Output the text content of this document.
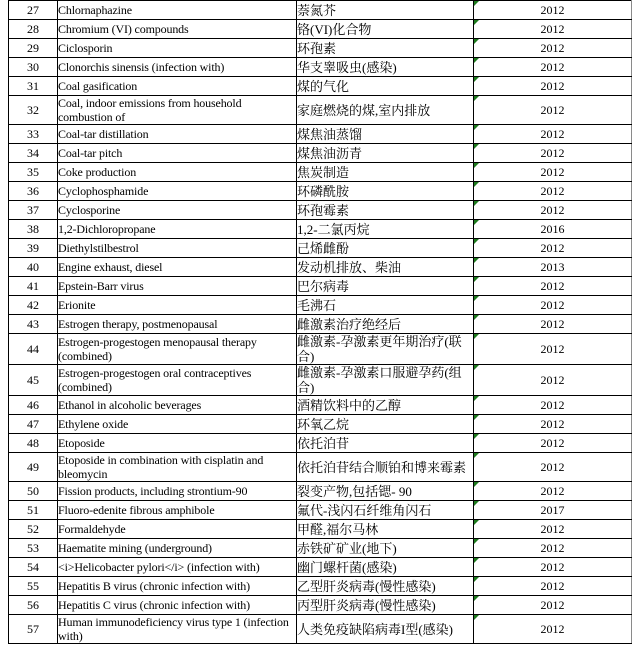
27	Chlornaphazine	萘氮芥	2012
28	Chromium (VI) compounds	铬(VI)化合物	2012
29	Ciclosporin	环孢素	2012
30	Clonorchis sinensis (infection with)	华支睾吸虫(感染)	2012
31	Coal gasification	煤的气化	2012
32	Coal, indoor emissions from household combustion of	家庭燃烧的煤,室内排放	2012
33	Coal-tar distillation	煤焦油蒸馏	2012
34	Coal-tar pitch	煤焦油沥青	2012
35	Coke production	焦炭制造	2012
36	Cyclophosphamide	环磷酰胺	2012
37	Cyclosporine	环孢霉素	2012
38	1,2-Dichloropropane	1,2-二氯丙烷	2016
39	Diethylstilbestrol	己烯雌酚	2012
40	Engine exhaust, diesel	发动机排放、柴油	2013
41	Epstein-Barr virus	巴尔病毒	2012
42	Erionite	毛沸石	2012
43	Estrogen therapy, postmenopausal	雌激素治疗绝经后	2012
44	Estrogen-progestogen menopausal therapy (combined)	雌激素-孕激素更年期治疗(联合)	2012
45	Estrogen-progestogen oral contraceptives (combined)	雌激素-孕激素口服避孕药(组合)	2012
46	Ethanol in alcoholic beverages	酒精饮料中的乙醇	2012
47	Ethylene oxide	环氧乙烷	2012
48	Etoposide	依托泊苷	2012
49	Etoposide in combination with cisplatin and bleomycin	依托泊苷结合顺铂和博来霉素	2012
50	Fission products, including strontium-90	裂变产物,包括锶- 90	2012
51	Fluoro-edenite fibrous amphibole	氟代-浅闪石纤维角闪石	2017
52	Formaldehyde	甲醛,福尔马林	2012
53	Haematite mining (underground)	赤铁矿矿业(地下)	2012
54	<i>Helicobacter pylori</i> (infection with)	幽门螺杆菌(感染)	2012
55	Hepatitis B virus (chronic infection with)	乙型肝炎病毒(慢性感染)	2012
56	Hepatitis C virus (chronic infection with)	丙型肝炎病毒(慢性感染)	2012
57	Human immunodeficiency virus type 1 (infection with)	人类免疫缺陷病毒I型(感染)	2012
